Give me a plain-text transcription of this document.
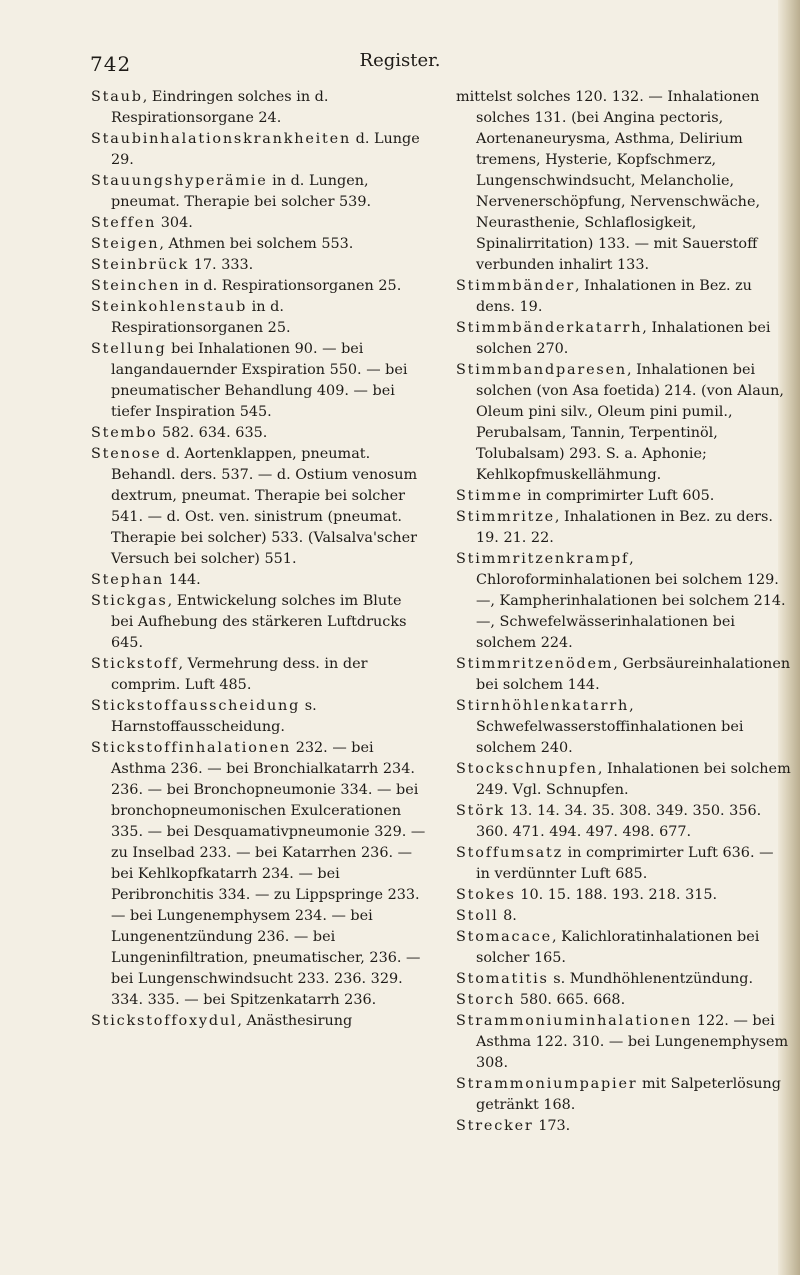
742	Register.

Staub, Eindringen solches in d. Respirationsorgane 24.

Staubinhalationskrankheiten d. Lunge 29.

Stauungshyperämie in d. Lungen, pneumat. Therapie bei solcher 539.

Steffen 304.

Steigen, Athmen bei solchem 553.

Steinbrück 17. 333.

Steinchen in d. Respirationsorganen 25.

Steinkohlenstaub in d. Respirationsorganen 25.

Stellung bei Inhalationen 90. — bei langandauernder Exspiration 550. — bei pneumatischer Behandlung 409. — bei tiefer Inspiration 545.

Stembo 582. 634. 635.

Stenose d. Aortenklappen, pneumat. Behandl. ders. 537. — d. Ostium venosum dextrum, pneumat. Therapie bei solcher 541. — d. Ost. ven. sinistrum (pneumat. Therapie bei solcher) 533. (Valsalva'scher Versuch bei solcher) 551.

Stephan 144.

Stickgas, Entwickelung solches im Blute bei Aufhebung des stärkeren Luftdrucks 645.

Stickstoff, Vermehrung dess. in der comprim. Luft 485.

Stickstoffausscheidung s. Harnstoffausscheidung.

Stickstoffinhalationen 232. — bei Asthma 236. — bei Bronchialkatarrh 234. 236. — bei Bronchopneumonie 334. — bei bronchopneumonischen Exulcerationen 335. — bei Desquamativpneumonie 329. — zu Inselbad 233. — bei Katarrhen 236. — bei Kehlkopfkatarrh 234. — bei Peribronchitis 334. — zu Lippspringe 233. — bei Lungenemphysem 234. — bei Lungenentzündung 236. — bei Lungeninfiltration, pneumatischer, 236. — bei Lungenschwindsucht 233. 236. 329. 334. 335. — bei Spitzenkatarrh 236.

Stickstoffoxydul, Anästhesirung

mittelst solches 120. 132. — Inhalationen solches 131. (bei Angina pectoris, Aortenaneurysma, Asthma, Delirium tremens, Hysterie, Kopfschmerz, Lungenschwindsucht, Melancholie, Nervenerschöpfung, Nervenschwäche, Neurasthenie, Schlaflosigkeit, Spinalirritation) 133. — mit Sauerstoff verbunden inhalirt 133.

Stimmbänder, Inhalationen in Bez. zu dens. 19.

Stimmbänderkatarrh, Inhalationen bei solchen 270.

Stimmbandparesen, Inhalationen bei solchen (von Asa foetida) 214. (von Alaun, Oleum pini silv., Oleum pini pumil., Perubalsam, Tannin, Terpentinöl, Tolubalsam) 293. S. a. Aphonie; Kehlkopfmuskellähmung.

Stimme in comprimirter Luft 605.

Stimmritze, Inhalationen in Bez. zu ders. 19. 21. 22.

Stimmritzenkrampf, Chloroforminhalationen bei solchem 129. —, Kampherinhalationen bei solchem 214. —, Schwefelwässerinhalationen bei solchem 224.

Stimmritzenödem, Gerbsäureinhalationen bei solchem 144.

Stirnhöhlenkatarrh, Schwefelwasserstoffinhalationen bei solchem 240.

Stockschnupfen, Inhalationen bei solchem 249. Vgl. Schnupfen.

Störk 13. 14. 34. 35. 308. 349. 350. 356. 360. 471. 494. 497. 498. 677.

Stoffumsatz in comprimirter Luft 636. — in verdünnter Luft 685.

Stokes 10. 15. 188. 193. 218. 315.

Stoll 8.

Stomacace, Kalichloratinhalationen bei solcher 165.

Stomatitis s. Mundhöhlenentzündung.

Storch 580. 665. 668.

Strammoniuminhalationen 122. — bei Asthma 122. 310. — bei Lungenemphysem 308.

Strammoniumpapier mit Salpeterlösung getränkt 168.

Strecker 173.
